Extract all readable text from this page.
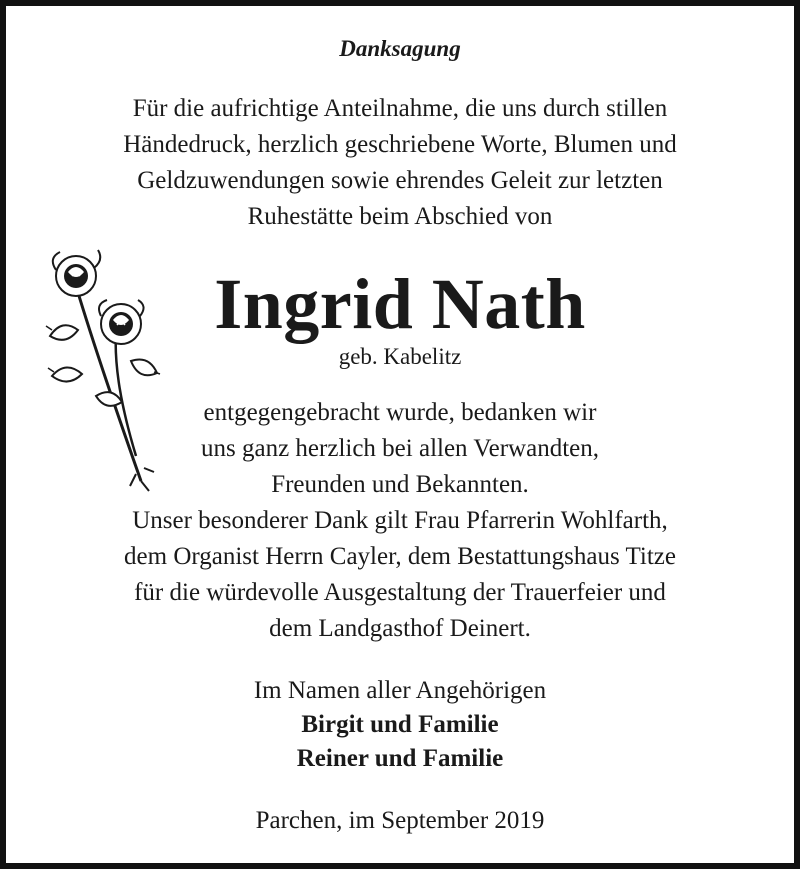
Danksagung
Für die aufrichtige Anteilnahme, die uns durch stillen
Händedruck, herzlich geschriebene Worte, Blumen und
Geldzuwendungen sowie ehrendes Geleit zur letzten
Ruhestätte beim Abschied von
Ingrid Nath
geb. Kabelitz
entgegengebracht wurde, bedanken wir
uns ganz herzlich bei allen Verwandten,
Freunden und Bekannten.
Unser besonderer Dank gilt Frau Pfarrerin Wohlfarth,
dem Organist Herrn Cayler, dem Bestattungshaus Titze
für die würdevolle Ausgestaltung der Trauerfeier und
dem Landgasthof Deinert.
Im Namen aller Angehörigen
Birgit und Familie
Reiner und Familie
Parchen, im September 2019
